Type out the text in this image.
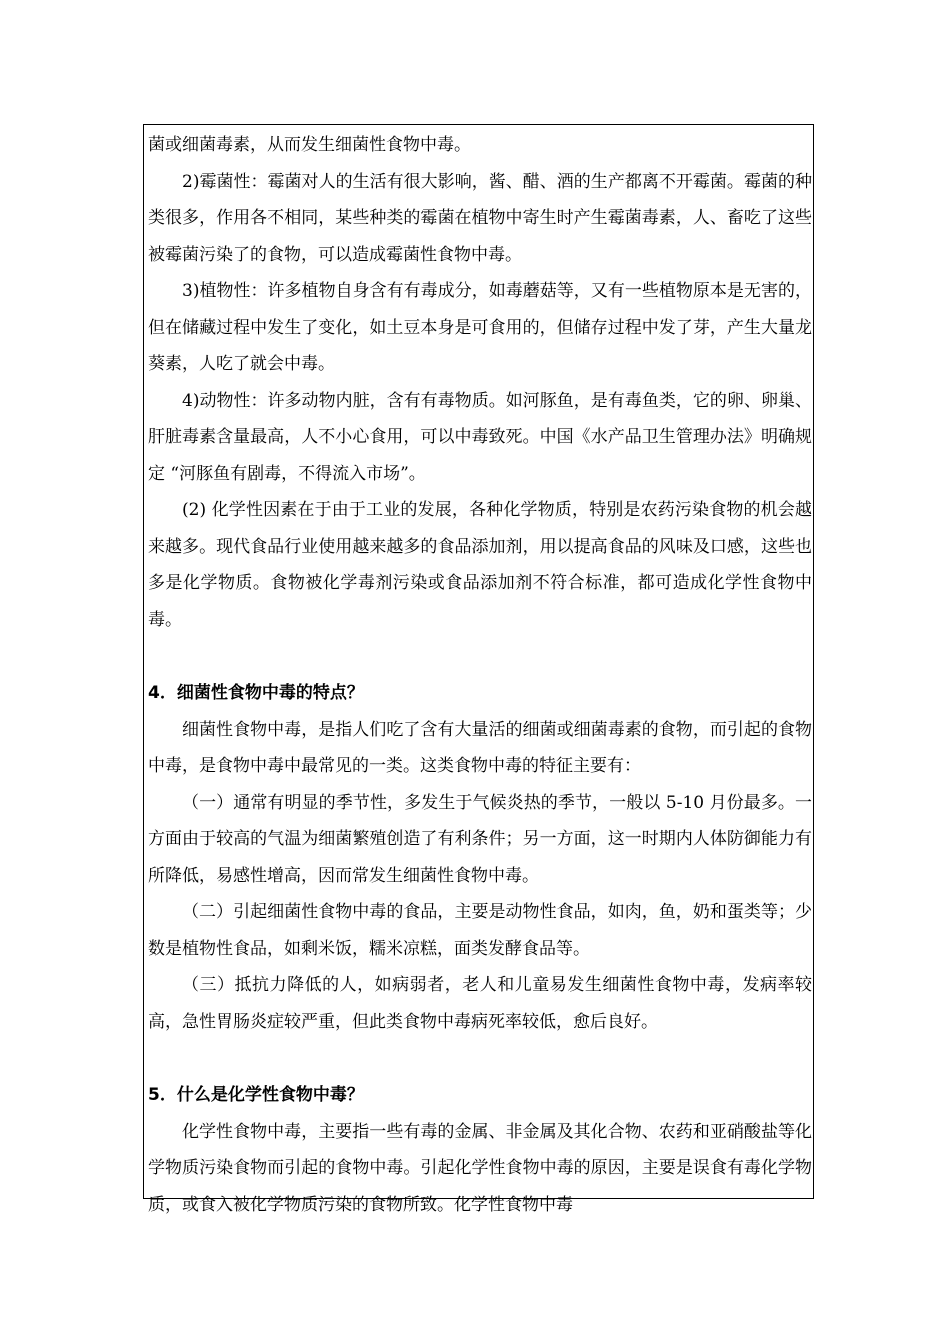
菌或细菌毒素，从而发生细菌性食物中毒。

2)霉菌性：霉菌对人的生活有很大影响，酱、醋、酒的生产都离不开霉菌。霉菌的种类很多，作用各不相同，某些种类的霉菌在植物中寄生时产生霉菌毒素，人、畜吃了这些被霉菌污染了的食物，可以造成霉菌性食物中毒。

3)植物性：许多植物自身含有有毒成分，如毒蘑菇等，又有一些植物原本是无害的，但在储藏过程中发生了变化，如土豆本身是可食用的，但储存过程中发了芽，产生大量龙葵素，人吃了就会中毒。

4)动物性：许多动物内脏，含有有毒物质。如河豚鱼，是有毒鱼类，它的卵、卵巢、肝脏毒素含量最高，人不小心食用，可以中毒致死。中国《水产品卫生管理办法》明确规定 “河豚鱼有剧毒，不得流入市场”。

(2) 化学性因素在于由于工业的发展，各种化学物质，特别是农药污染食物的机会越来越多。现代食品行业使用越来越多的食品添加剂，用以提高食品的风味及口感，这些也多是化学物质。食物被化学毒剂污染或食品添加剂不符合标准，都可造成化学性食物中毒。

4．细菌性食物中毒的特点？

细菌性食物中毒，是指人们吃了含有大量活的细菌或细菌毒素的食物，而引起的食物中毒，是食物中毒中最常见的一类。这类食物中毒的特征主要有：

（一）通常有明显的季节性，多发生于气候炎热的季节，一般以 5-10 月份最多。一方面由于较高的气温为细菌繁殖创造了有利条件；另一方面，这一时期内人体防御能力有所降低，易感性增高，因而常发生细菌性食物中毒。

（二）引起细菌性食物中毒的食品，主要是动物性食品，如肉，鱼，奶和蛋类等；少数是植物性食品，如剩米饭，糯米凉糕，面类发酵食品等。

（三）抵抗力降低的人，如病弱者，老人和儿童易发生细菌性食物中毒，发病率较高，急性胃肠炎症较严重，但此类食物中毒病死率较低，愈后良好。

5．什么是化学性食物中毒？

化学性食物中毒，主要指一些有毒的金属、非金属及其化合物、农药和亚硝酸盐等化学物质污染食物而引起的食物中毒。引起化学性食物中毒的原因，主要是误食有毒化学物质，或食入被化学物质污染的食物所致。化学性食物中毒
